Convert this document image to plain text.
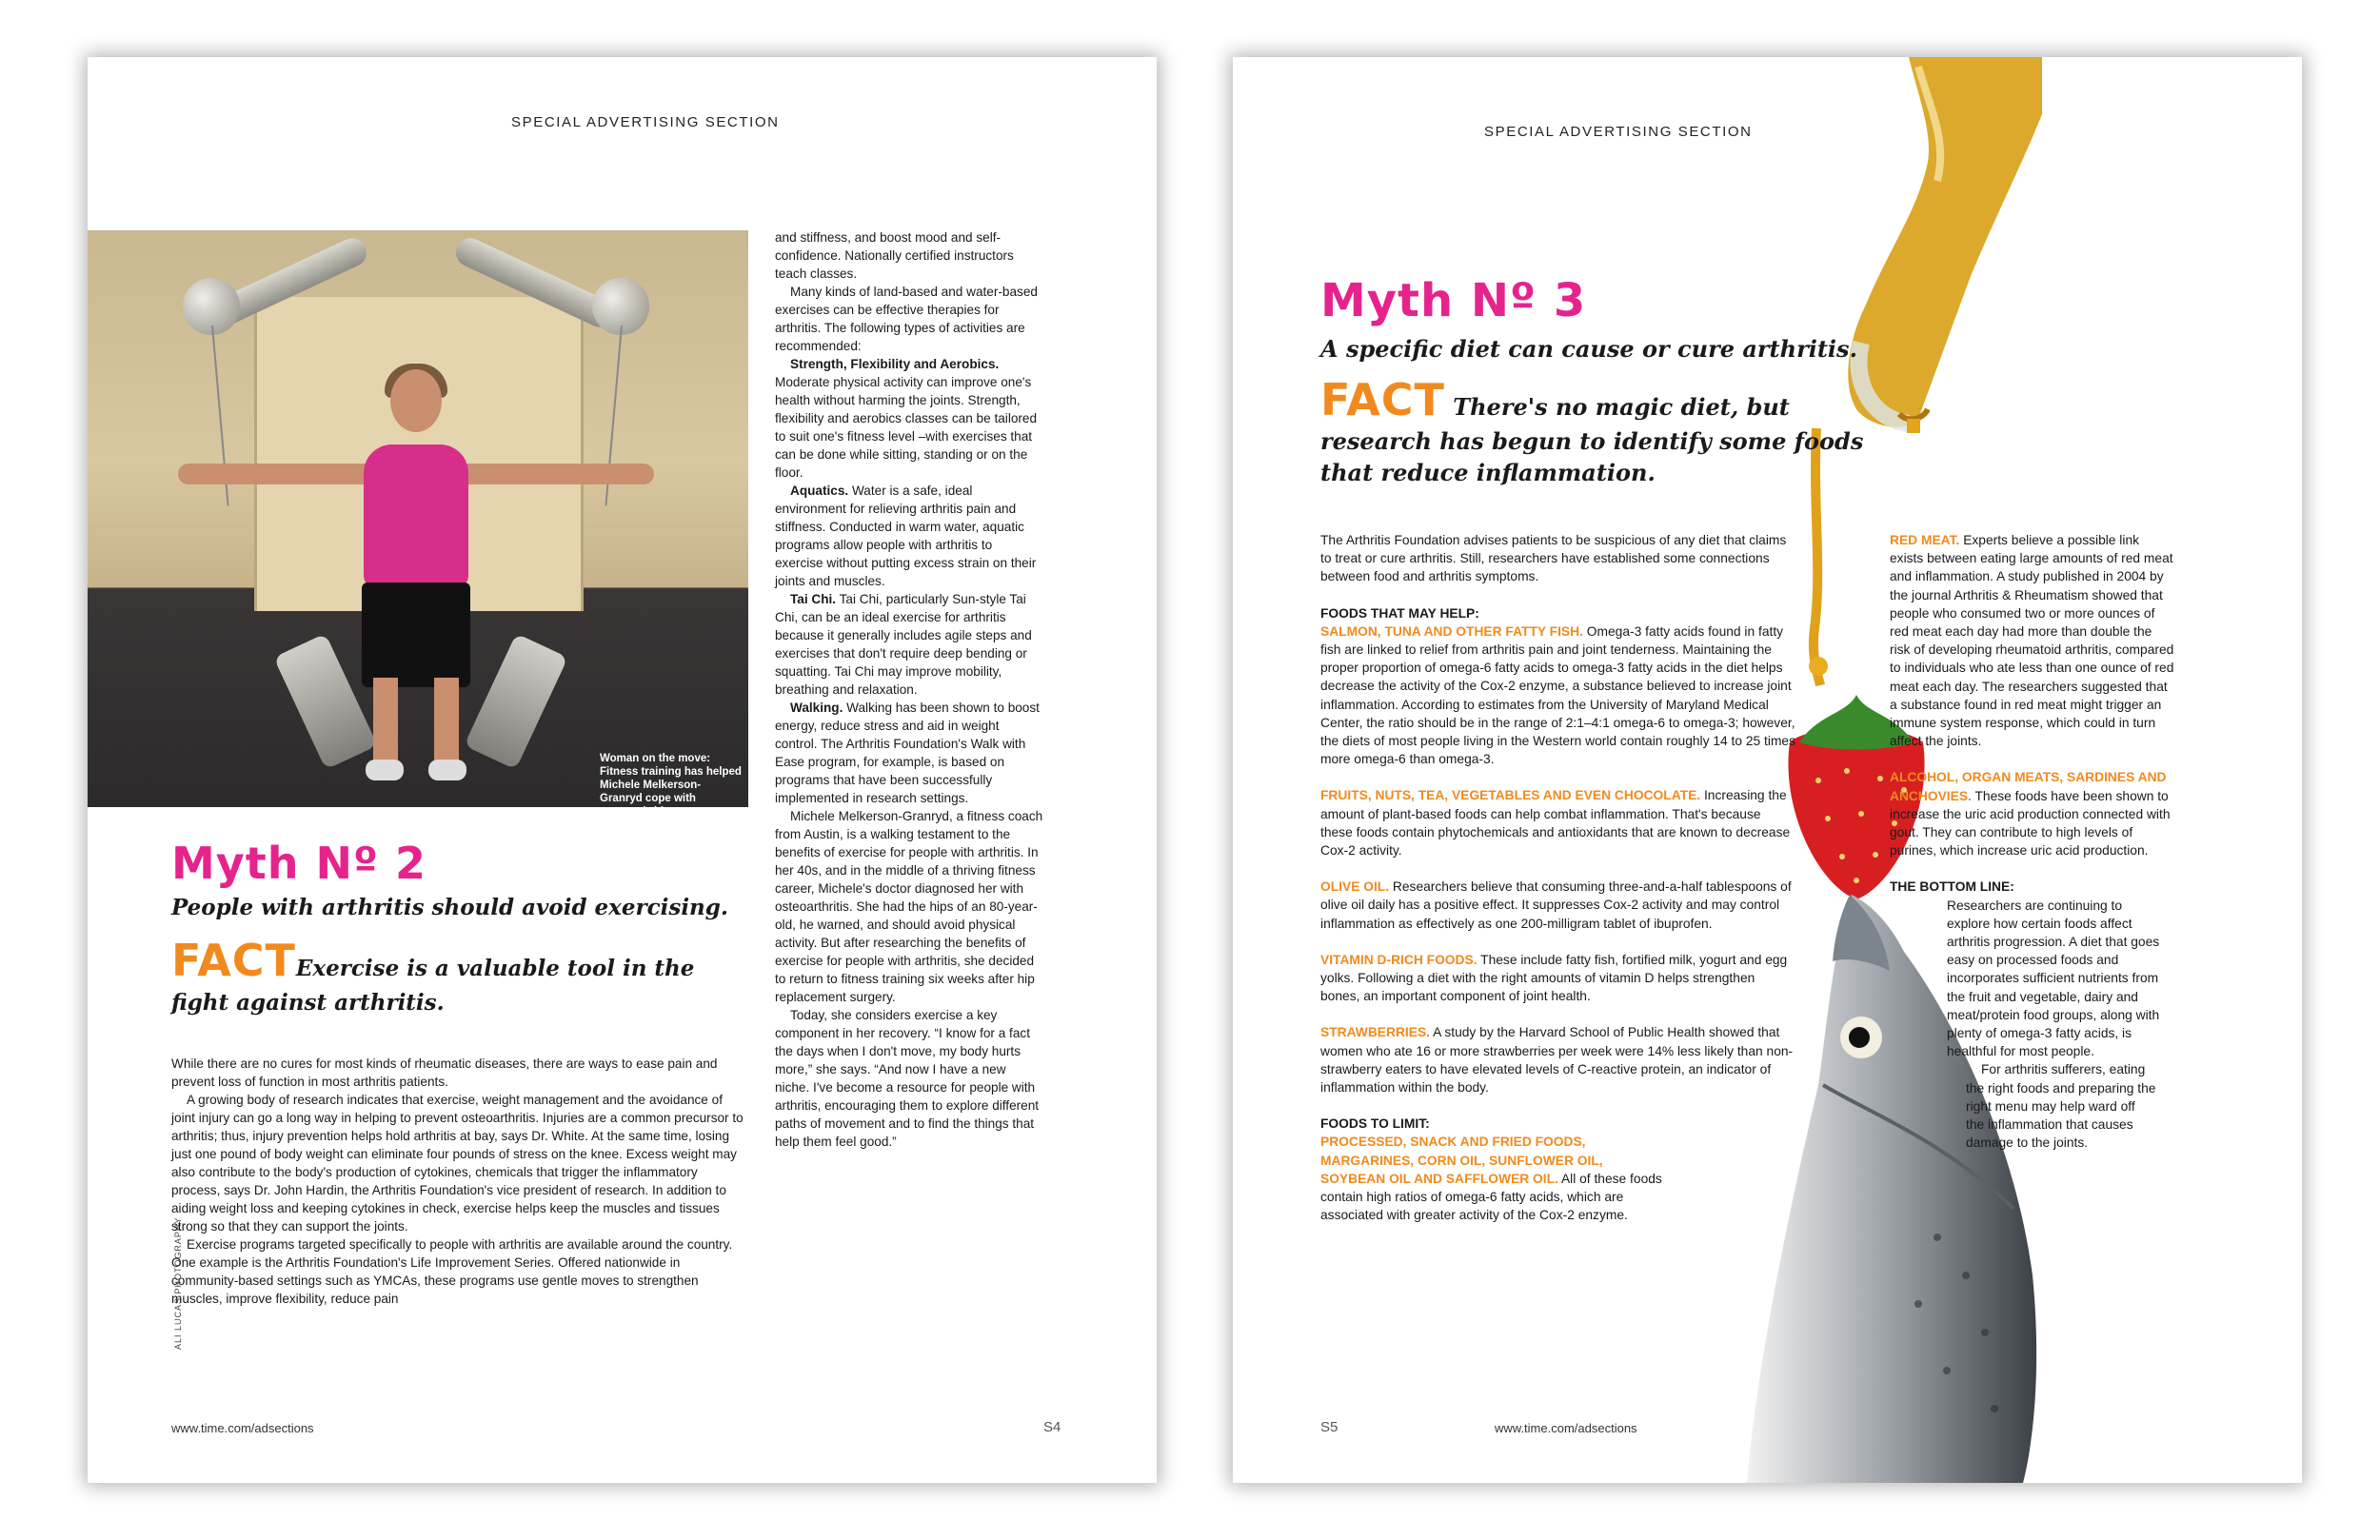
SPECIAL ADVERTISING SECTION
Woman on the move: Fitness training has helped Michele Melkerson-Granryd cope with osteoarthritis.
ALI LUCAS PHOTOGRAPHY
Myth Nº 2
People with arthritis should avoid exercising.
FACTExercise is a valuable tool in the
fight against arthritis.

While there are no cures for most kinds of rheumatic diseases, there are ways to ease pain and prevent loss of function in most arthritis patients.

A growing body of research indicates that exercise, weight management and the avoidance of joint injury can go a long way in helping to prevent osteoarthritis. Injuries are a common precursor to arthritis; thus, injury prevention helps hold arthritis at bay, says Dr. White. At the same time, losing just one pound of body weight can eliminate four pounds of stress on the knee. Excess weight may also contribute to the body's production of cytokines, chemicals that trigger the inflammatory process, says Dr. John Hardin, the Arthritis Foundation's vice president of research. In addition to aiding weight loss and keeping cytokines in check, exercise helps keep the muscles and tissues strong so that they can support the joints.

Exercise programs targeted specifically to people with arthritis are available around the country. One example is the Arthritis Foundation's Life Improvement Series. Offered nationwide in community-based settings such as YMCAs, these programs use gentle moves to strengthen muscles, improve flexibility, reduce pain

and stiffness, and boost mood and self-confidence. Nationally certified instructors teach classes.

Many kinds of land-based and water-based exercises can be effective therapies for arthritis. The following types of activities are recommended:

Strength, Flexibility and Aerobics. Moderate physical activity can improve one's health without harming the joints. Strength, flexibility and aerobics classes can be tailored to suit one's fitness level –with exercises that can be done while sitting, standing or on the floor.

Aquatics. Water is a safe, ideal environment for relieving arthritis pain and stiffness. Conducted in warm water, aquatic programs allow people with arthritis to exercise without putting excess strain on their joints and muscles.

Tai Chi. Tai Chi, particularly Sun-style Tai Chi, can be an ideal exercise for arthritis because it generally includes agile steps and exercises that don't require deep bending or squatting. Tai Chi may improve mobility, breathing and relaxation.

Walking. Walking has been shown to boost energy, reduce stress and aid in weight control. The Arthritis Foundation's Walk with Ease program, for example, is based on programs that have been successfully implemented in research settings.

Michele Melkerson-Granryd, a fitness coach from Austin, is a walking testament to the benefits of exercise for people with arthritis. In her 40s, and in the middle of a thriving fitness career, Michele's doctor diagnosed her with osteoarthritis. She had the hips of an 80-year-old, he warned, and should avoid physical activity. But after researching the benefits of exercise for people with arthritis, she decided to return to fitness training six weeks after hip replacement surgery.

Today, she considers exercise a key component in her recovery. “I know for a fact the days when I don't move, my body hurts more,” she says. “And now I have a new niche. I've become a resource for people with arthritis, encouraging them to explore different paths of movement and to find the things that help them feel good.”

www.time.com/adsections	S4
SPECIAL ADVERTISING SECTION
Myth Nº 3
A specific diet can cause or cure arthritis.
FACT There's no magic diet, but
research has begun to identify some foods
that reduce inflammation.

The Arthritis Foundation advises patients to be suspicious of any diet that claims to treat or cure arthritis. Still, researchers have established some connections between food and arthritis symptoms.

FOODS THAT MAY HELP:

SALMON, TUNA AND OTHER FATTY FISH. Omega-3 fatty acids found in fatty fish are linked to relief from arthritis pain and joint tenderness. Maintaining the proper proportion of omega-6 fatty acids to omega-3 fatty acids in the diet helps decrease the activity of the Cox-2 enzyme, a substance believed to increase joint inflammation. According to estimates from the University of Maryland Medical Center, the ratio should be in the range of 2:1–4:1 omega-6 to omega-3; however, the diets of most people living in the Western world contain roughly 14 to 25 times more omega-6 than omega-3.

FRUITS, NUTS, TEA, VEGETABLES AND EVEN CHOCOLATE. Increasing the amount of plant-based foods can help combat inflammation. That's because these foods contain phytochemicals and antioxidants that are known to decrease Cox-2 activity.

OLIVE OIL. Researchers believe that consuming three-and-a-half tablespoons of olive oil daily has a positive effect. It suppresses Cox-2 activity and may control inflammation as effectively as one 200-milligram tablet of ibuprofen.

VITAMIN D-RICH FOODS. These include fatty fish, fortified milk, yogurt and egg yolks. Following a diet with the right amounts of vitamin D helps strengthen bones, an important component of joint health.

STRAWBERRIES. A study by the Harvard School of Public Health showed that women who ate 16 or more strawberries per week were 14% less likely than non-strawberry eaters to have elevated levels of C-reactive protein, an indicator of inflammation within the body.

FOODS TO LIMIT:

PROCESSED, SNACK AND FRIED FOODS, MARGARINES, CORN OIL, SUNFLOWER OIL, SOYBEAN OIL AND SAFFLOWER OIL. All of these foods contain high ratios of omega-6 fatty acids, which are associated with greater activity of the Cox-2 enzyme.

RED MEAT. Experts believe a possible link exists between eating large amounts of red meat and inflammation. A study published in 2004 by the journal Arthritis & Rheumatism showed that people who consumed two or more ounces of red meat each day had more than double the risk of developing rheumatoid arthritis, compared to individuals who ate less than one ounce of red meat each day. The researchers suggested that a substance found in red meat might trigger an immune system response, which could in turn affect the joints.

ALCOHOL, ORGAN MEATS, SARDINES AND ANCHOVIES. These foods have been shown to increase the uric acid production connected with gout. They can contribute to high levels of purines, which increase uric acid production.

THE BOTTOM LINE:

Researchers are continuing to explore how certain foods affect arthritis progression. A diet that goes easy on processed foods and incorporates sufficient nutrients from the fruit and vegetable, dairy and meat/protein food groups, along with plenty of omega-3 fatty acids, is healthful for most people.

For arthritis sufferers, eating the right foods and preparing the right menu may help ward off the inflammation that causes damage to the joints.

S5	www.time.com/adsections
